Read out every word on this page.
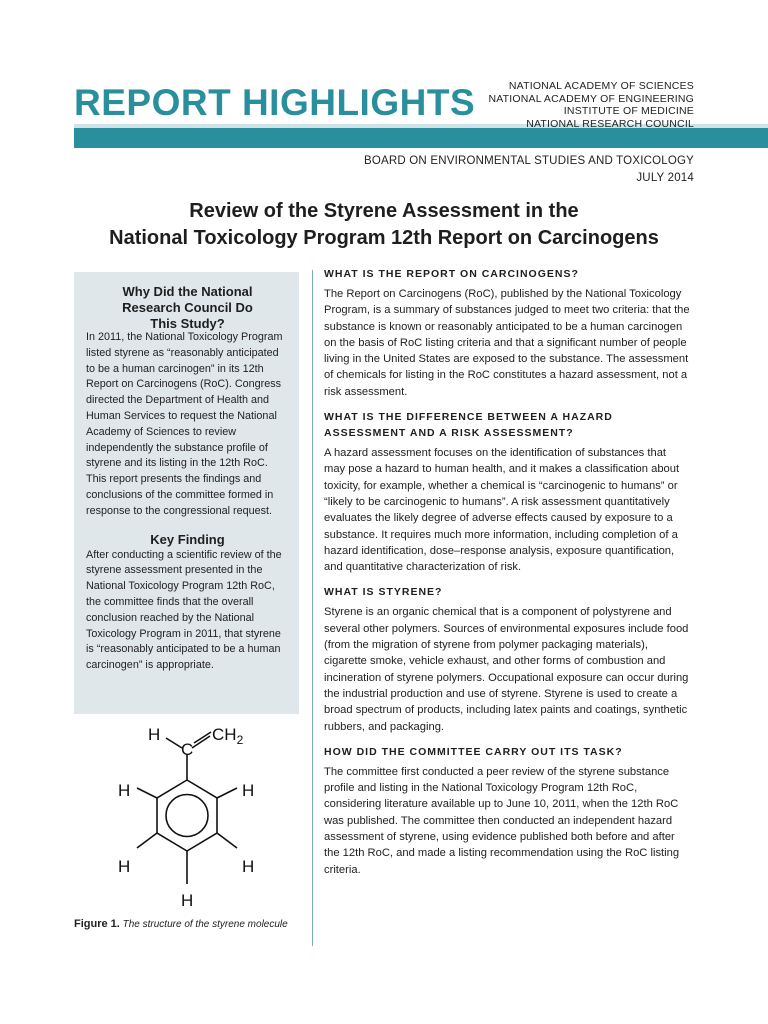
REPORT HIGHLIGHTS	NATIONAL ACADEMY OF SCIENCES
NATIONAL ACADEMY OF ENGINEERING
INSTITUTE OF MEDICINE
NATIONAL RESEARCH COUNCIL
BOARD ON ENVIRONMENTAL STUDIES AND TOXICOLOGY
JULY 2014
Review of the Styrene Assessment in the
National Toxicology Program 12th Report on Carcinogens
Why Did the National Research Council Do This Study?

In 2011, the National Toxicology Program listed styrene as “reasonably anticipated to be a human carcinogen” in its 12th Report on Carcinogens (RoC). Congress directed the Department of Health and Human Services to request the National Academy of Sciences to review independently the substance profile of styrene and its listing in the 12th RoC. This report presents the findings and conclusions of the committee formed in response to the congressional request.

Key Finding

After conducting a scientific review of the styrene assessment presented in the National Toxicology Program 12th RoC, the committee finds that the overall conclusion reached by the National Toxicology Program in 2011, that styrene is “reasonably anticipated to be a human carcinogen” is appropriate.

H
C
$CH_2$
H	H
H	H
H
Figure 1. The structure of the styrene molecule
WHAT IS THE REPORT ON CARCINOGENS?

The Report on Carcinogens (RoC), published by the National Toxicology Program, is a summary of substances judged to meet two criteria: that the substance is known or reasonably anticipated to be a human carcinogen on the basis of RoC listing criteria and that a significant number of people living in the United States are exposed to the substance. The assessment of chemicals for listing in the RoC constitutes a hazard assessment, not a risk assessment.

WHAT IS THE DIFFERENCE BETWEEN A HAZARD ASSESSMENT AND A RISK ASSESSMENT?

A hazard assessment focuses on the identification of substances that may pose a hazard to human health, and it makes a classification about toxicity, for example, whether a chemical is “carcinogenic to humans” or “likely to be carcinogenic to humans”. A risk assessment quantitatively evaluates the likely degree of adverse effects caused by exposure to a substance. It requires much more information, including completion of a hazard identification, dose–response analysis, exposure quantification, and quantitative characterization of risk.

WHAT IS STYRENE?

Styrene is an organic chemical that is a component of polystyrene and several other polymers. Sources of environmental exposures include food (from the migration of styrene from polymer packaging materials), cigarette smoke, vehicle exhaust, and other forms of combustion and incineration of styrene polymers. Occupational exposure can occur during the industrial production and use of styrene. Styrene is used to create a broad spectrum of products, including latex paints and coatings, synthetic rubbers, and packaging.

HOW DID THE COMMITTEE CARRY OUT ITS TASK?

The committee first conducted a peer review of the styrene substance profile and listing in the National Toxicology Program 12th RoC, considering literature available up to June 10, 2011, when the 12th RoC was published. The committee then conducted an independent hazard assessment of styrene, using evidence published both before and after the 12th RoC, and made a listing recommendation using the RoC listing criteria.
